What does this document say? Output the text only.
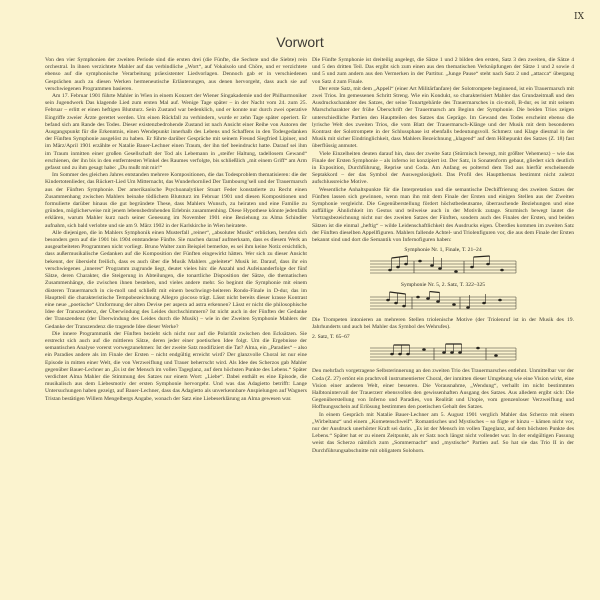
IX
Vorwort

Von den vier Symphonien der zweiten Periode sind die ersten drei (die Fünfte, die Sechste und die Siebte) rein orchestral. In ihnen verzichtete Mahler auf das verbindliche „Wort“, auf Vokalsolo und Chöre, und er verzichtete ebenso auf die symphonische Verarbeitung präexistenter Liedvorlagen. Dennoch gab er in verschiedenen Gesprächen auch zu diesen Werken hermeneutische Erläuterungen, aus denen hervorgeht, dass auch sie auf verschwiegenen Programmen basieren.

Am 17. Februar 1901 führte Mahler in Wien in einem Konzert der Wiener Singakademie und der Philharmoniker sein Jugendwerk Das klagende Lied zum ersten Mal auf. Wenige Tage später – in der Nacht vom 24. zum 25. Februar – erlitt er einen heftigen Blutsturz. Sein Zustand war bedenklich, und er konnte nur durch zwei operative Eingriffe zweier Ärzte gerettet werden. Um einen Rückfall zu verhindern, wurde er zehn Tage später operiert. Er befand sich am Rande des Todes. Dieser existenzbedrohende Zustand ist nach Ansicht einer Reihe von Autoren der Ausgangspunkt für die Erkenntnis, einen Wendepunkt innerhalb des Lebens und Schaffens in den Todesgedanken der Fünften Symphonie ausgelöst zu haben. Er führte darüber Gespräche mit seinem Freund Siegfried Lipiner, und im März/April 1901 erzählte er Natalie Bauer-Lechner einen Traum, der ihn tief beeindruckt hatte. Darauf sei ihm im Traum inmitten einer großen Gesellschaft der Tod als Lebemann in „steifer Haltung, tadellosem Gewand“ erschienen, der ihn bis in den entferntesten Winkel des Raumes verfolgte, bis schließlich „mit einem Griff“ am Arm gefasst und zu ihm gesagt habe: „Du mußt mit mir!“

Im Sommer des gleichen Jahres entstanden mehrere Kompositionen, die das Todesproblem thematisieren: die der Kindertotenlieder, das Rückert-Lied Um Mitternacht, das Wunderhornlied Der Tamboursg’sell und der Trauermarsch aus der Fünften Symphonie. Der amerikanische Psychoanalytiker Stuart Feder konstatierte zu Recht einen Zusammenhang zwischen Mahlers beinahe tödlichem Blutsturz im Februar 1901 und diesen Kompositionen und formulierte darüber hinaus die gut begründete These, dass Mahlers Wunsch, zu heiraten und eine Familie zu gründen, möglicherweise mit jenem lebensbedrohenden Erlebnis zusammenhing. Diese Hypothese könnte jedenfalls erklären, warum Mahler kurz nach seiner Genesung im November 1901 eine Beziehung zu Alma Schindler aufnahm, sich bald verlobte und sie am 9. März 1902 in der Karlskirche in Wien heiratete.

Alle diejenigen, die in Mahlers Symphonik einen Musterfall „reiner“, „absoluter Musik“ erblicken, berufen sich besonders gern auf die 1901 bis 1904 entstandene Fünfte. Sie machen darauf aufmerksam, dass es diesem Werk an ausgearbeiteten Programmen nicht vorliegt. Bruno Walter zum Beispiel bemerkte, es sei ihm keine Notiz ersichtlich, dass außermusikalische Gedanken auf die Komposition der Fünften eingewirkt hätten. Wer sich zu dieser Ansicht bekennt, der übersieht freilich, dass es auch über die Musik Mahlers „geleitete“ Musik ist. Darauf, dass ihr ein verschwiegenes „inneres“ Programm zugrunde liegt, deutet vieles hin: die Anzahl und Aufeinanderfolge der fünf Sätze, deren Charakter, die Steigerung in Abteilungen, die tonartliche Disposition der Sätze, die thematischen Zusammenhänge, die zwischen ihnen bestehen, und vieles andere mehr. So beginnt die Symphonie mit einem düsteren Trauermarsch in cis-moll und schließt mit einem beschwingt-heiteren Rondo-Finale in D-dur, das im Hauptteil die charakteristische Tempobezeichnung Allegro giocoso trägt. Lässt nicht bereits dieser krasse Kontrast eine neue „poetische“ Umformung der alten Devise per aspera ad astra erkennen? Lässt er nicht die philosophische Idee der Transzendenz, der Überwindung des Leides durchschimmern? Ist nicht auch in der Fünften der Gedanke der Transzendenz (der Überwindung des Leides durch die Musik) – wie in der Zweiten Symphonie Mahlers der Gedanke der Transzendenz die tragende Idee dieser Werke?

Die innere Programmatik der Fünften bezieht sich nicht nur auf die Polarität zwischen den Ecksätzen. Sie erstreckt sich auch auf die mittleren Sätze, deren jeder einer poetischen Idee folgt. Um die Ergebnisse der semantischen Analyse vorerst vorwegzunehmen: Ist der zweite Satz modifiziert die Tat? Alma, ein „Paradies“ – also ein Paradies andere als im Finale der Ersten – nicht endgültig erreicht wird? Der glanzvolle Choral ist nur eine Episode in mitten einer Welt, die von Verzweiflung und Trauer beherrscht wird. Als Idee des Scherzos gab Mahler gegenüber Bauer-Lechner an „Es ist der Mensch im vollen Tageglanz, auf dem höchsten Punkte des Lebens.“ Später verdichtet Alma Mahler die Stimmung des Satzes nur einem Wort: „Liebe“. Dabei enthält es eine Episode, die musikalisch aus dem Liebesmotiv der ersten Symphonie hervorgeht. Und was das Adagietto betrifft: Lange Untersuchungen haben gezeigt, auf Bauer-Lechner, dass das Adagietto als unverkennbare Anspielungen auf Wagners Tristan bestätigen Willem Mengelbergs Angabe, wonach der Satz eine Liebeserklärung an Alma gewesen war.

Die Fünfte Symphonie ist dreiteilig angelegt, die Sätze 1 und 2 bilden den ersten, Satz 3 den zweiten, die Sätze 4 und 5 den dritten Teil. Das ergibt sich zum einen aus den thematischen Verknüpfungen der Sätze 1 und 2 sowie 4 und 5 und zum andern aus den Vermerken in der Partitur. „Junge Pause“ steht nach Satz 2 und „attacca“ übergang von Satz 4 zum Finale.

Der erste Satz, mit dem „Appell“ (einer Art Militärfanfare) der Solotrompete beginnend, ist ein Trauermarsch mit zwei Trios. Im gemessenen Schritt Streng. Wie ein Kondukt, so charakterisiert Mahler das Grundzeitmaß und den Ausdruckscharakter des Satzes, der seine Tonartgebärde des Trauermarsches in cis-moll, B-dur, es ist mit seinem Marschcharakter der frühe Überschrift der Trauermarsch am Beginn der Symphonie. Die beiden Trios zeigen unterschiedliche Partien den Hauptteilen des Satzes das Gepräge. Im Gewand des Todes erscheint ebenso die lyrische Welt des zweiten Trios, die vom Blatt der Trauermarsch-Klänge und der Musik mit dem besonderen Kontrast der Solotrompete in der Schlussphase ist ebenfalls bedeutungsvoll. Schmerz und Klage diesmal in der Musik mit sicher Eindringlichkeit, dass Mahlers Bezeichnung „klagend“ auf dem Höhepunkt des Satzes (Z. 18) fast überflüssig anmutet.

Viele Einzelheiten deuten darauf hin, dass der zweite Satz (Stürmisch bewegt, mit größter Vehemenz) – wie das Finale der Ersten Symphonie – als inferno ist konzipiert ist. Der Satz, in Sonatenform gebaut, gliedert sich deutlich in Exposition, Durchführung, Reprise und Coda. Am Anfang es polternd dem Tod aus hierfür erscheinende Septakkord – der das Symbol der Auswegslosigkeit. Das Profil des Hauptthemas bestimmt nicht zuletzt aufschlussreiche Motive.

Wesentliche Anhaltspunkte für die Interpretation und die semantische Dechiffrierung des zweiten Satzes der Fünften lassen sich gewinnen, wenn man ihn mit dem Finale der Ersten und einigen Stellen aus der Zweiten Symphonie vergleicht. Die Gegenüberstellung fördert höchstbedeutsame, überraschende Beziehungen und eine auffällige Ähnlichkeit im Gestus und teilweise auch in der Motivik zutage. Sturmisch bewegt lautet die Vortragsbezeichnung nicht nur des zweiten Satzes der Fünften, sondern auch des Finales der Ersten, und beiden Sätzen ist die einmal „heftig“ – wilde Leidenschaftlichkeit des Ausdrucks eigen. Überdies kommen im zweiten Satz der Fünften dieselben Appellfiguren. Mahlers fallende Achtel- und Triolenfiguren vor, die aus dem Finale der Ersten bekannt sind und dort die Semantik von Infernofiguren haben:

Symphonie Nr. 1, Finale, T. 21–24
Symphonie Nr. 5, 2. Satz, T. 322–325

Die Trompeten intonieren an mehreren Stellen triolenische Motive (der Triolenruf ist in der Musik des 19. Jahrhunderts und auch bei Mahler das Symbol des Wehrufes).

2. Satz, T. 65–67

Den mehrfach vorgetragene Selbsterinnerung an den zweiten Trio des Trauermarsches entlehnt. Unmittelbar vor der Coda (Z. 27) ertönt ein prachtvoll instrumentierter Choral, der inmitten dieser Umgebung wie eine Vision wirkt, eine Vision einer anderen Welt, einer besseren. Die Vorausnahme, „Wendung“, verhallt im nicht bestimmten Halbtonintervall der Trauerzerr ebensvollen den gewissenhaften Ausgang des Satzes. Aus alledem ergibt sich: Die Gegenüberstellung von Inferno und Paradies, von Realität und Utopie, vom grenzenloser Verzweiflung und Hoffnungsschein auf Erlösung bestimmen den poetischen Gehalt des Satzes.

In einem Gespräch mit Natalie Bauer-Lechner am 5. August 1901 verglich Mahler das Scherzo mit einem „Wirbeltanz“ und einem „Kometenschweif“. Romantisches und Mystisches – so fügte er hinzu – kämen nicht vor, nur der Ausdruck unerhörter Kraft sei darin. „Es ist der Mensch im vollen Tageglanz, auf dem höchsten Punkte des Lebens.“ Später hat er zu einem Zeitpunkt, als er Satz noch längst nicht vollendet war. In der endgültigen Fassung weist das Scherzo nämlich zum „Sommernacht“ und „mystische“ Partien auf. So hat sie das Trio II in der Durchführungsabschnitte mit obligatem Solohorn.
